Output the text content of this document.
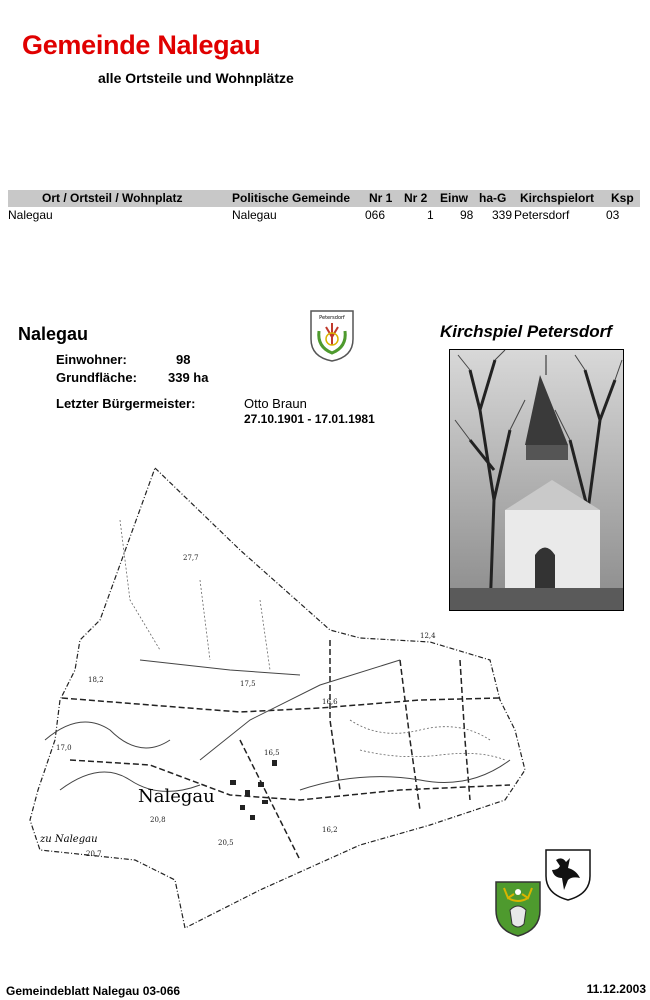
Gemeinde Nalegau
alle Ortsteile und Wohnplätze
Ort / Ortsteil / Wohnplatz	Politische Gemeinde Nr 1 Nr 2 Einw ha-G Kirchspielort Ksp
Nalegau	Nalegau	066	1 98 339 Petersdorf	03
Nalegau
Einwohner:	98
Grundfläche: 339 ha
Letzter Bürgermeister:	Otto Braun
27.10.1901 - 17.01.1981
Petersdorf
Kirchspiel Petersdorf
Nalegau
zu Nalegau
27,7
18,2	17,5
16,6
17,0
16,5
20,8
20,5
16,2
20,7
12,4
Gemeindeblatt Nalegau 03-066	11.12.2003
